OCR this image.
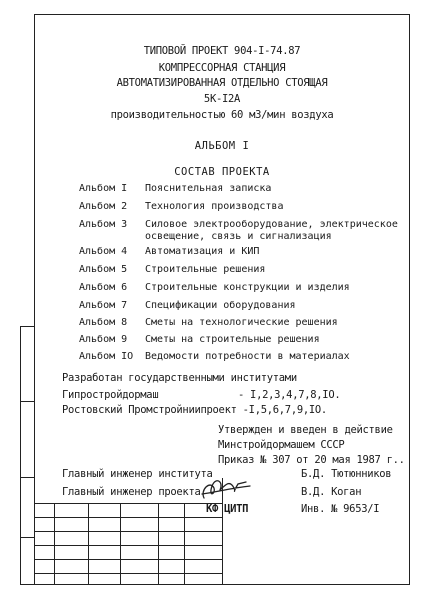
ТИПОВОЙ ПРОЕКТ 904-I-74.87
КОМПРЕССОРНАЯ СТАНЦИЯ
АВТОМАТИЗИРОВАННАЯ ОТДЕЛЬНО СТОЯЩАЯ
5К-I2А
производительностью 60 м3/мин воздуха
АЛЬБОМ I
СОСТАВ ПРОЕКТА
Альбом I Пояснительная записка
Альбом 2 Технология производства
Альбом 3 Силовое электрооборудование, электрическое
освещение, связь и сигнализация
Альбом 4 Автоматизация и КИП
Альбом 5 Строительные решения
Альбом 6 Строительные конструкции и изделия
Альбом 7 Спецификации оборудования
Альбом 8 Сметы на технологические решения
Альбом 9 Сметы на строительные решения
Альбом IO Ведомости потребности в материалах
Разработан государственными институтами
Гипростройдормаш	- I,2,3,4,7,8,IO.
Ростовский Промстройниипроект -I,5,6,7,9,IO.
Утвержден и введен в действие
Минстройдормашем СССР
Приказ № 307 от 20 мая 1987 г..
Главный инженер института	Б.Д. Тютюнников
Главный инженер проекта	В.Д. Коган
КФ ЦИТП	Инв. № 9653/I
